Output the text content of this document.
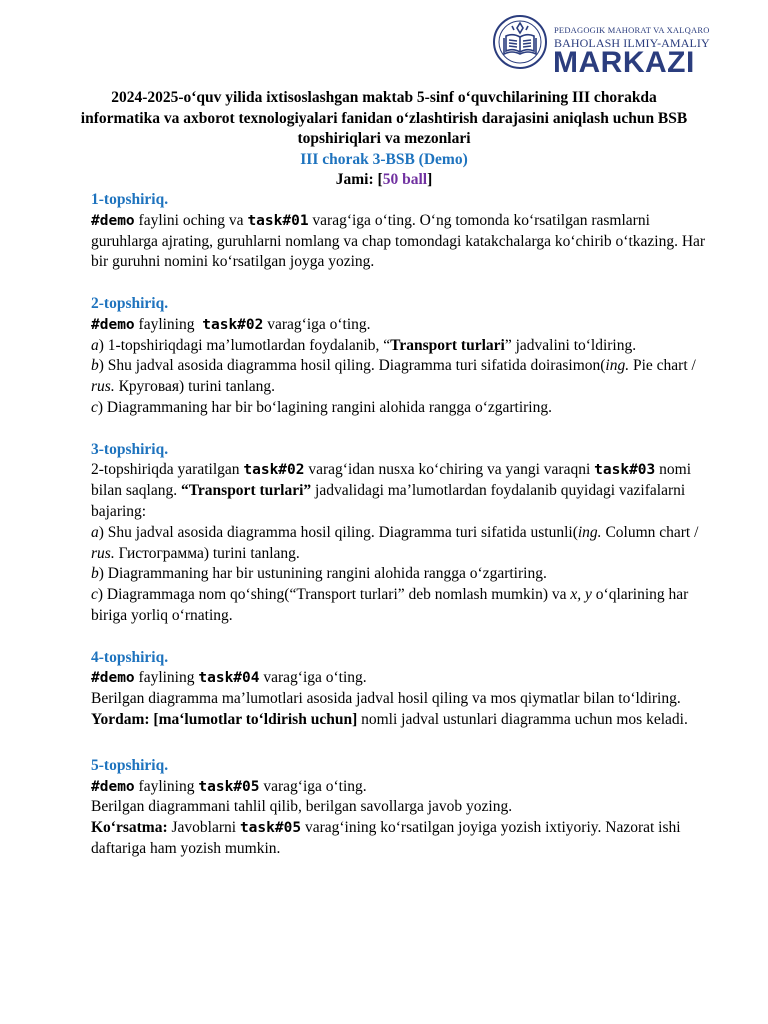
PEDAGOGIK MAHORAT VA XALQARO
BAHOLASH ILMIY-AMALIY
MARKAZI
2024-2025-o‘quv yilida ixtisoslashgan maktab 5-sinf o‘quvchilarining III chorakda informatika va axborot texnologiyalari fanidan o‘zlashtirish darajasini aniqlash uchun BSB topshiriqlari va mezonlari
III chorak 3-BSB (Demo)
Jami: [50 ball]
1-topshiriq.

#demo faylini oching va task#01 varag‘iga o‘ting. O‘ng tomonda ko‘rsatilgan rasmlarni guruhlarga ajrating, guruhlarni nomlang va chap tomondagi katakchalarga ko‘chirib o‘tkazing. Har bir guruhni nomini ko‘rsatilgan joyga yozing.

2-topshiriq.

#demo faylining  task#02 varag‘iga o‘ting.

a) 1-topshiriqdagi ma’lumotlardan foydalanib, “Transport turlari” jadvalini to‘ldiring.

b) Shu jadval asosida diagramma hosil qiling. Diagramma turi sifatida doirasimon(ing. Pie chart / rus. Круговая) turini tanlang.

c) Diagrammaning har bir bo‘lagining rangini alohida rangga o‘zgartiring.

3-topshiriq.

2-topshiriqda yaratilgan task#02 varag‘idan nusxa ko‘chiring va yangi varaqni task#03 nomi bilan saqlang. “Transport turlari” jadvalidagi ma’lumotlardan foydalanib quyidagi vazifalarni bajaring:

a) Shu jadval asosida diagramma hosil qiling. Diagramma turi sifatida ustunli(ing. Column chart / rus. Гистограмма) turini tanlang.

b) Diagrammaning har bir ustunining rangini alohida rangga o‘zgartiring.

c) Diagrammaga nom qo‘shing(“Transport turlari” deb nomlash mumkin) va x, y o‘qlarining har biriga yorliq o‘rnating.

4-topshiriq.

#demo faylining task#04 varag‘iga o‘ting.

Berilgan diagramma ma’lumotlari asosida jadval hosil qiling va mos qiymatlar bilan to‘ldiring.

Yordam: [ma‘lumotlar to‘ldirish uchun] nomli jadval ustunlari diagramma uchun mos keladi.

5-topshiriq.

#demo faylining task#05 varag‘iga o‘ting.

Berilgan diagrammani tahlil qilib, berilgan savollarga javob yozing.

Ko‘rsatma: Javoblarni task#05 varag‘ining ko‘rsatilgan joyiga yozish ixtiyoriy. Nazorat ishi daftariga ham yozish mumkin.
